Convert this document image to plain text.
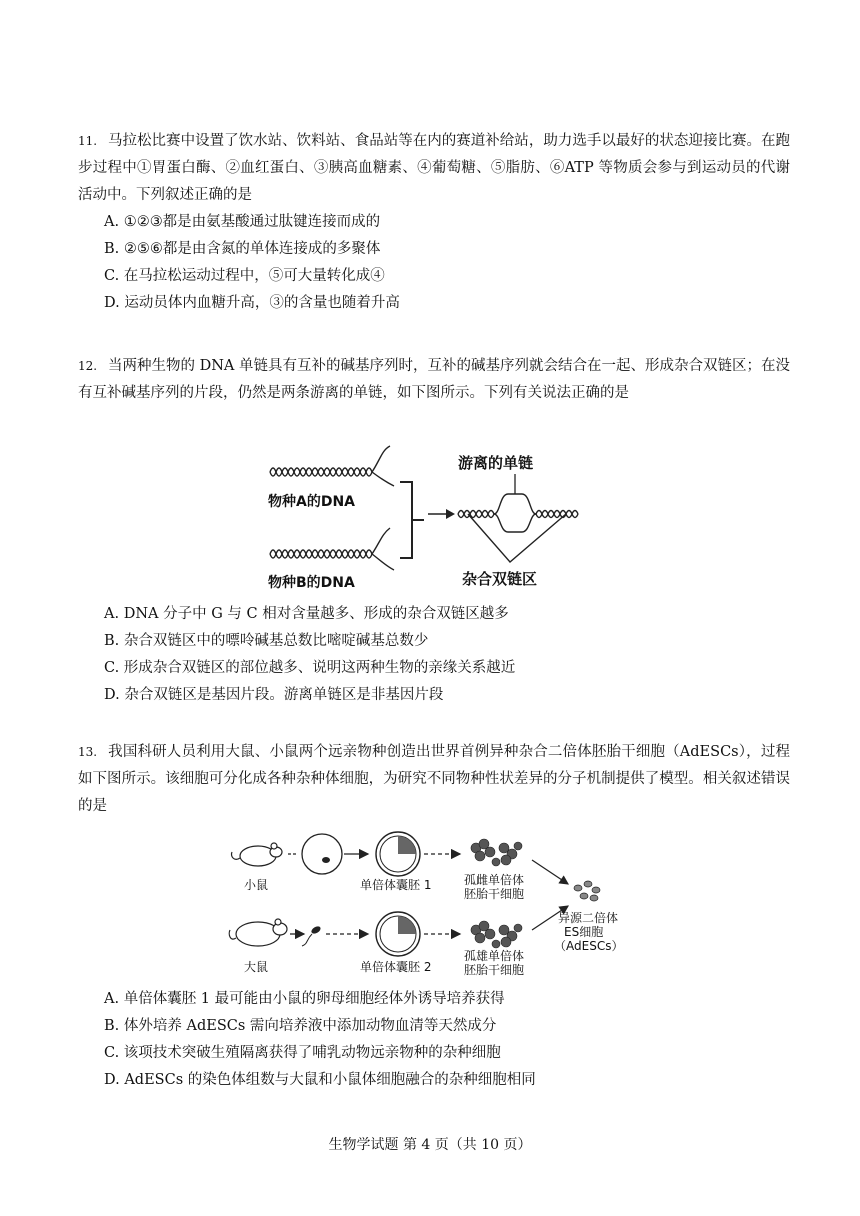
11. 马拉松比赛中设置了饮水站、饮料站、食品站等在内的赛道补给站，助力选手以最好的状态迎接比赛。在跑步过程中①胃蛋白酶、②血红蛋白、③胰高血糖素、④葡萄糖、⑤脂肪、⑥ATP 等物质会参与到运动员的代谢活动中。下列叙述正确的是

A. ①②③都是由氨基酸通过肽键连接而成的

B. ②⑤⑥都是由含氮的单体连接成的多聚体

C. 在马拉松运动过程中，⑤可大量转化成④

D. 运动员体内血糖升高，③的含量也随着升高

12. 当两种生物的 DNA 单链具有互补的碱基序列时，互补的碱基序列就会结合在一起、形成杂合双链区；在没有互补碱基序列的片段，仍然是两条游离的单链，如下图所示。下列有关说法正确的是

物种A的DNA
物种B的DNA
游离的单链
杂合双链区

A. DNA 分子中 G 与 C 相对含量越多、形成的杂合双链区越多

B. 杂合双链区中的嘌呤碱基总数比嘧啶碱基总数少

C. 形成杂合双链区的部位越多、说明这两种生物的亲缘关系越近

D. 杂合双链区是基因片段。游离单链区是非基因片段

13. 我国科研人员利用大鼠、小鼠两个远亲物种创造出世界首例异种杂合二倍体胚胎干细胞（AdESCs），过程如下图所示。该细胞可分化成各种杂种体细胞，为研究不同物种性状差异的分子机制提供了模型。相关叙述错误的是

小鼠	单倍体囊胚 1	孤雌单倍体
胚胎干细胞
大鼠	单倍体囊胚 2
孤雄单倍体
胚胎干细胞
异源二倍体
ES细胞
（AdESCs）

A. 单倍体囊胚 1 最可能由小鼠的卵母细胞经体外诱导培养获得

B. 体外培养 AdESCs 需向培养液中添加动物血清等天然成分

C. 该项技术突破生殖隔离获得了哺乳动物远亲物种的杂种细胞

D. AdESCs 的染色体组数与大鼠和小鼠体细胞融合的杂种细胞相同

生物学试题 第 4 页（共 10 页）
